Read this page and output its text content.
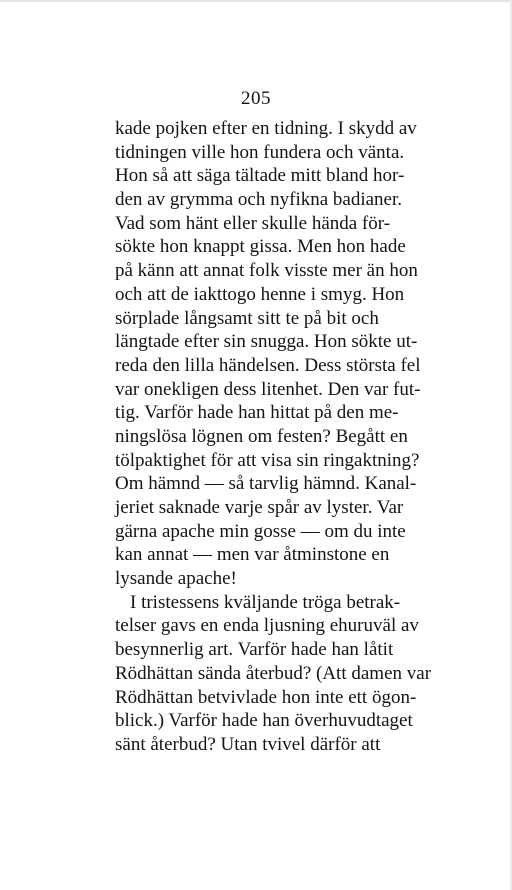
205
kade pojken efter en tidning. I skydd av
tidningen ville hon fundera och vänta.
Hon så att säga tältade mitt bland hor-
den av grymma och nyfikna badianer.
Vad som hänt eller skulle hända för-
sökte hon knappt gissa. Men hon hade
på känn att annat folk visste mer än hon
och att de iakttogo henne i smyg. Hon
sörplade långsamt sitt te på bit och
längtade efter sin snugga. Hon sökte ut-
reda den lilla händelsen. Dess största fel
var onekligen dess litenhet. Den var fut-
tig. Varför hade han hittat på den me-
ningslösa lögnen om festen? Begått en
tölpaktighet för att visa sin ringaktning?
Om hämnd — så tarvlig hämnd. Kanal-
jeriet saknade varje spår av lyster. Var
gärna apache min gosse — om du inte
kan annat — men var åtminstone en
lysande apache!
I tristessens kväljande tröga betrak-
telser gavs en enda ljusning ehuruväl av
besynnerlig art. Varför hade han låtit
Rödhättan sända återbud? (Att damen var
Rödhättan betvivlade hon inte ett ögon-
blick.) Varför hade han överhuvudtaget
sänt återbud? Utan tvivel därför att
